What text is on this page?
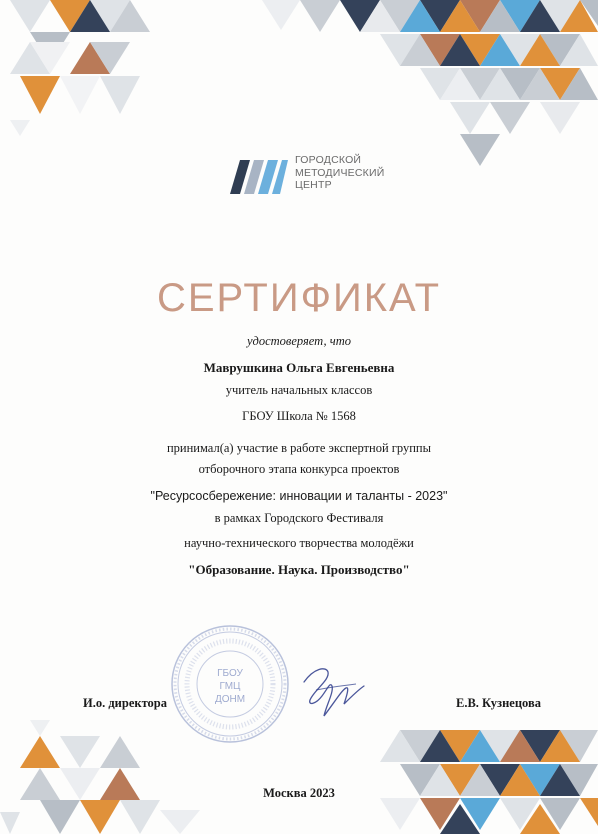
ГОРОДСКОЙ
МЕТОДИЧЕСКИЙ
ЦЕНТР
СЕРТИФИКАТ
удостоверяет, что
Маврушкина Ольга Евгеньевна
учитель начальных классов
ГБОУ Школа № 1568
принимал(а) участие в работе экспертной группы
отборочного этапа конкурса проектов
"Ресурсосбережение: инновации и таланты - 2023"
в рамках Городского Фестиваля
научно-технического творчества молодёжи
"Образование. Наука. Производство"
ГБОУ
ГМЦ
ДОНМ
И.о. директора	Е.В. Кузнецова
Москва 2023
